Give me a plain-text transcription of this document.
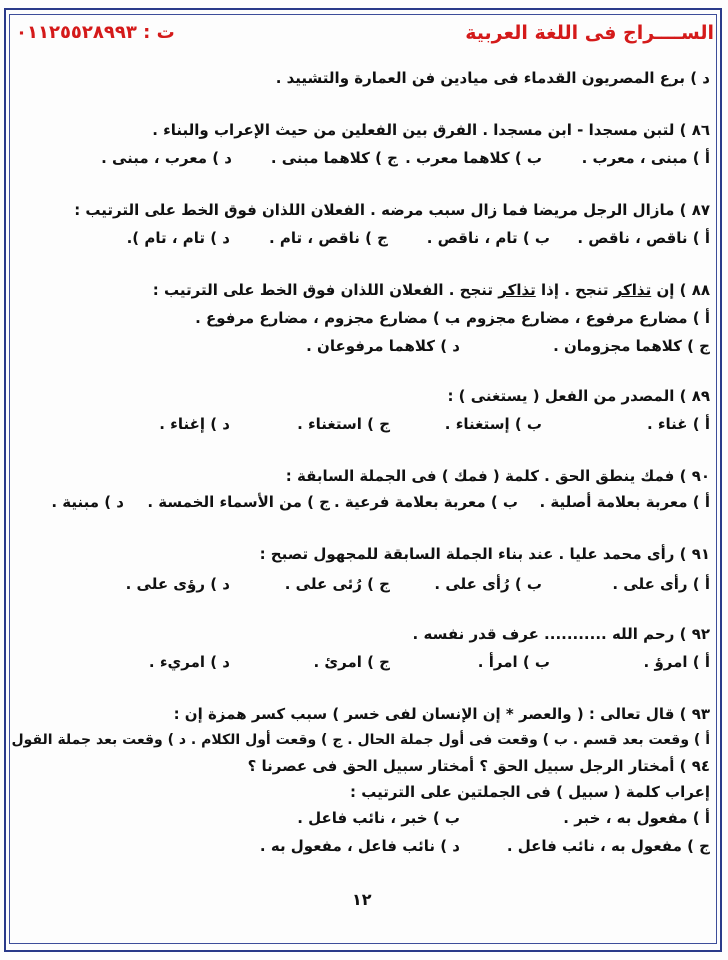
ت : ٠١١٢٥٥٢٨٩٩٣	الســــراج فى اللغة العربية
د ) برع المصريون القدماء فى ميادين فن العمارة والتشييد .
٨٦ ) لتبن مسجدا - ابن مسجدا . الفرق بين الفعلين من حيث الإعراب والبناء .
أ ) مبنى ، معرب .
ب ) كلاهما معرب .
ج ) كلاهما مبنى .
د ) معرب ، مبنى .
٨٧ ) مازال الرجل مريضا فما زال سبب مرضه . الفعلان اللذان فوق الخط على الترتيب :
أ ) ناقص ، ناقص .
ب ) تام ، ناقص .
ج ) ناقص ، تام .
د ) تام ، تام ).
٨٨ ) إن تذاكر تنجح . إذا تذاكر تنجح . الفعلان اللذان فوق الخط على الترتيب :
أ ) مضارع مرفوع ، مضارع مجزوم .
ب ) مضارع مجزوم ، مضارع مرفوع .
ج ) كلاهما مجزومان .
د ) كلاهما مرفوعان .
٨٩ ) المصدر من الفعل ( يستغنى ) :
أ ) غناء .
ب ) إستغناء .
ج ) استغناء .
د ) إغناء .
٩٠ ) فمك ينطق الحق . كلمة ( فمك ) فى الجملة السابقة :
أ ) معربة بعلامة أصلية .
ب ) معربة بعلامة فرعية .
ج ) من الأسماء الخمسة .
د ) مبنية .
٩١ ) رأى محمد عليا . عند بناء الجملة السابقة للمجهول تصبح :
أ ) رأى على .
ب ) رُأى على .
ج ) رُئى على .
د ) رؤى على .
٩٢ ) رحم الله ........... عرف قدر نفسه .
أ ) امرؤ .
ب ) امرأ .
ج ) امرئ .
د ) امريء .
٩٣ ) قال تعالى : ( والعصر * إن الإنسان لفى خسر ) سبب كسر همزة إن :
أ ) وقعت بعد قسم . ب ) وقعت فى أول جملة الحال . ج ) وقعت أول الكلام . د ) وقعت بعد جملة القول
٩٤ ) أمختار الرجل سبيل الحق ؟ أمختار سبيل الحق فى عصرنا ؟
إعراب كلمة ( سبيل ) فى الجملتين على الترتيب :
أ ) مفعول به ، خبر .
ب ) خبر ، نائب فاعل .
ج ) مفعول به ، نائب فاعل .
د ) نائب فاعل ، مفعول به .
١٢
